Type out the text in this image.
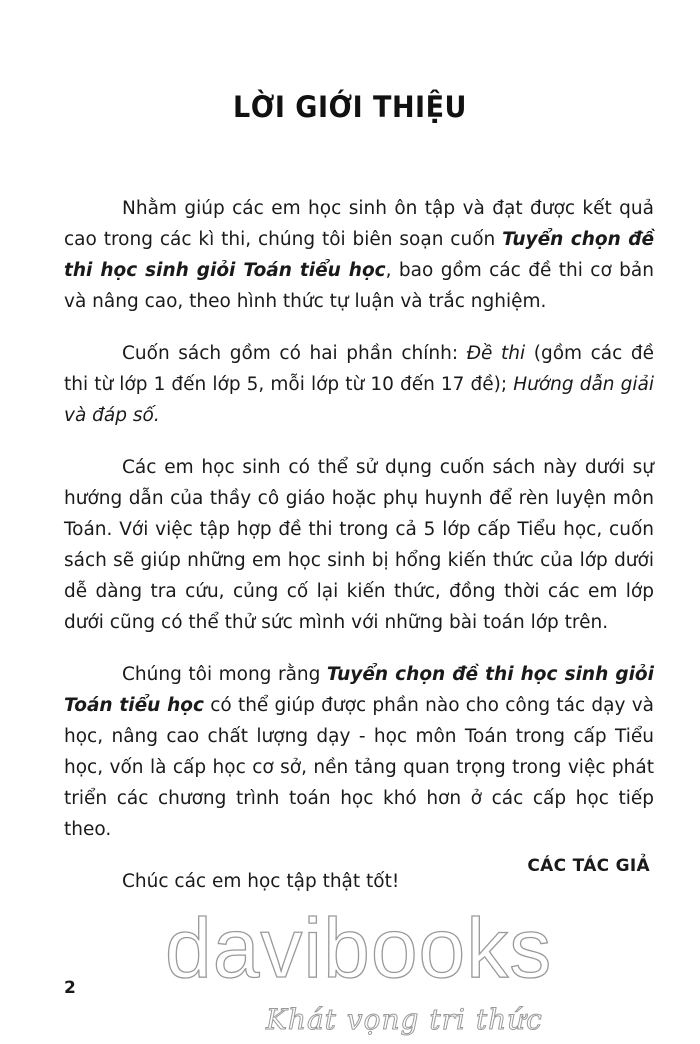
LỜI GIỚI THIỆU

Nhằm giúp các em học sinh ôn tập và đạt được kết quả cao trong các kì thi, chúng tôi biên soạn cuốn Tuyển chọn đề thi học sinh giỏi Toán tiểu học, bao gồm các đề thi cơ bản và nâng cao, theo hình thức tự luận và trắc nghiệm.

Cuốn sách gồm có hai phần chính: Đề thi (gồm các đề thi từ lớp 1 đến lớp 5, mỗi lớp từ 10 đến 17 đề); Hướng dẫn giải và đáp số.

Các em học sinh có thể sử dụng cuốn sách này dưới sự hướng dẫn của thầy cô giáo hoặc phụ huynh để rèn luyện môn Toán. Với việc tập hợp đề thi trong cả 5 lớp cấp Tiểu học, cuốn sách sẽ giúp những em học sinh bị hổng kiến thức của lớp dưới dễ dàng tra cứu, củng cố lại kiến thức, đồng thời các em lớp dưới cũng có thể thử sức mình với những bài toán lớp trên.

Chúng tôi mong rằng Tuyển chọn đề thi học sinh giỏi Toán tiểu học có thể giúp được phần nào cho công tác dạy và học, nâng cao chất lượng dạy - học môn Toán trong cấp Tiểu học, vốn là cấp học cơ sở, nền tảng quan trọng trong việc phát triển các chương trình toán học khó hơn ở các cấp học tiếp theo.

Chúc các em học tập thật tốt!

CÁC TÁC GIẢ
davibooks
Khát vọng tri thức
2
